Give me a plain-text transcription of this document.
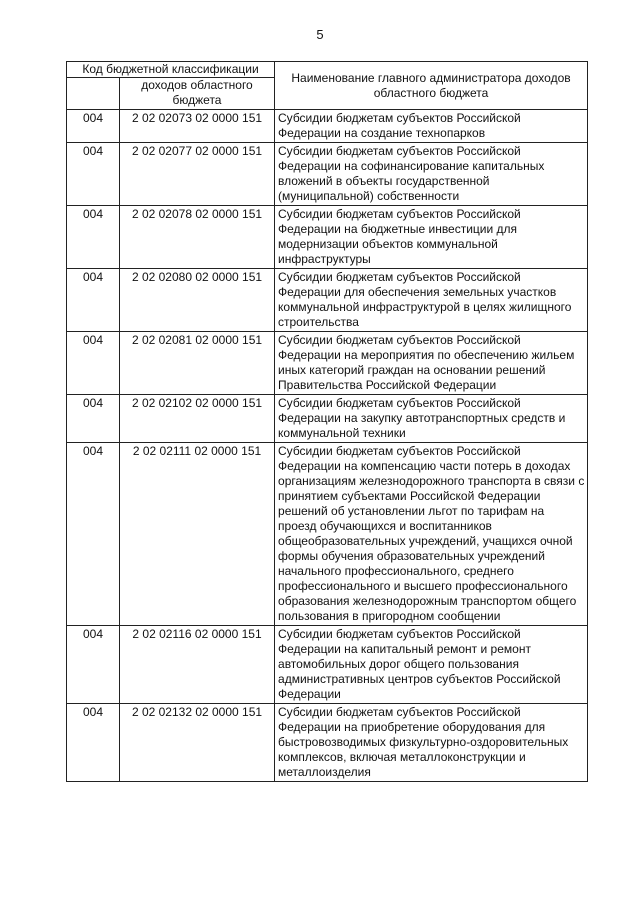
5
Код бюджетной классификации		Наименование главного администратора доходов областного бюджета
	доходов областного бюджета	
004	2 02 02073 02 0000 151	Субсидии бюджетам субъектов Российской Федерации на создание технопарков
004	2 02 02077 02 0000 151	Субсидии бюджетам субъектов Российской Федерации на софинансирование капитальных вложений в объекты государственной (муниципальной) собственности
004	2 02 02078 02 0000 151	Субсидии бюджетам субъектов Российской Федерации на бюджетные инвестиции для модернизации объектов коммунальной инфраструктуры
004	2 02 02080 02 0000 151	Субсидии бюджетам субъектов Российской Федерации для обеспечения земельных участков коммунальной инфраструктурой в целях жилищного строительства
004	2 02 02081 02 0000 151	Субсидии бюджетам субъектов Российской Федерации на мероприятия по обеспечению жильем иных категорий граждан на основании решений Правительства Российской Федерации
004	2 02 02102 02 0000 151	Субсидии бюджетам субъектов Российской Федерации на закупку автотранспортных средств и коммунальной техники
004	2 02 02111 02 0000 151	Субсидии бюджетам субъектов Российской Федерации на компенсацию части потерь в доходах организациям железнодорожного транспорта в связи с принятием субъектами Российской Федерации решений об установлении льгот по тарифам на проезд обучающихся и воспитанников общеобразовательных учреждений, учащихся очной формы обучения образовательных учреждений начального профессионального, среднего профессионального и высшего профессионального образования железнодорожным транспортом общего пользования в пригородном сообщении
004	2 02 02116 02 0000 151	Субсидии бюджетам субъектов Российской Федерации на капитальный ремонт и ремонт автомобильных дорог общего пользования административных центров субъектов Российской Федерации
004	2 02 02132 02 0000 151	Субсидии бюджетам субъектов Российской Федерации на приобретение оборудования для быстровозводимых физкультурно-оздоровительных комплексов, включая металлоконструкции и металлоизделия
